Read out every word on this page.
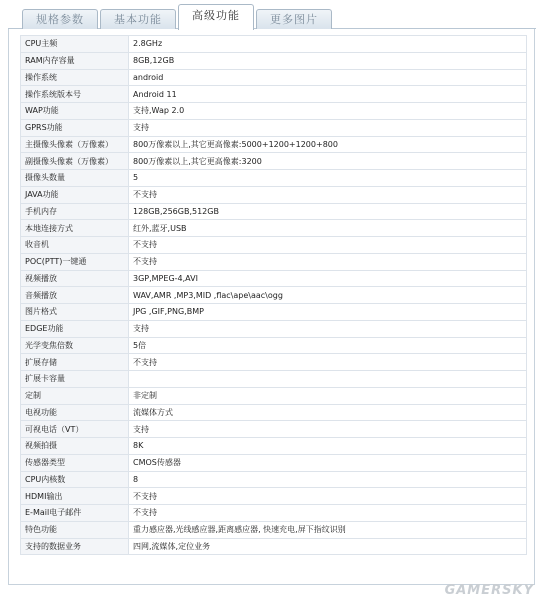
规格参数	基本功能	高级功能	更多图片
CPU主频	2.8GHz
RAM内存容量	8GB,12GB
操作系统	android
操作系统版本号	Android 11
WAP功能	支持,Wap 2.0
GPRS功能	支持
主摄像头像素（万像素）	800万像素以上,其它更高像素:5000+1200+1200+800
副摄像头像素（万像素）	800万像素以上,其它更高像素:3200
摄像头数量	5
JAVA功能	不支持
手机内存	128GB,256GB,512GB
本地连接方式	红外,蓝牙,USB
收音机	不支持
POC(PTT)一键通	不支持
视频播放	3GP,MPEG-4,AVI
音频播放	WAV,AMR ,MP3,MID ,flac\ape\aac\ogg
图片格式	JPG ,GIF,PNG,BMP
EDGE功能	支持
光学变焦倍数	5倍
扩展存储	不支持
扩展卡容量	
定制	非定制
电视功能	流媒体方式
可视电话（VT）	支持
视频拍摄	8K
传感器类型	CMOS传感器
CPU内核数	8
HDMI输出	不支持
E-Mail电子邮件	不支持
特色功能	重力感应器,光线感应器,距离感应器, 快速充电,屏下指纹识别
支持的数据业务	四网,流媒体,定位业务
GAMERSKY
